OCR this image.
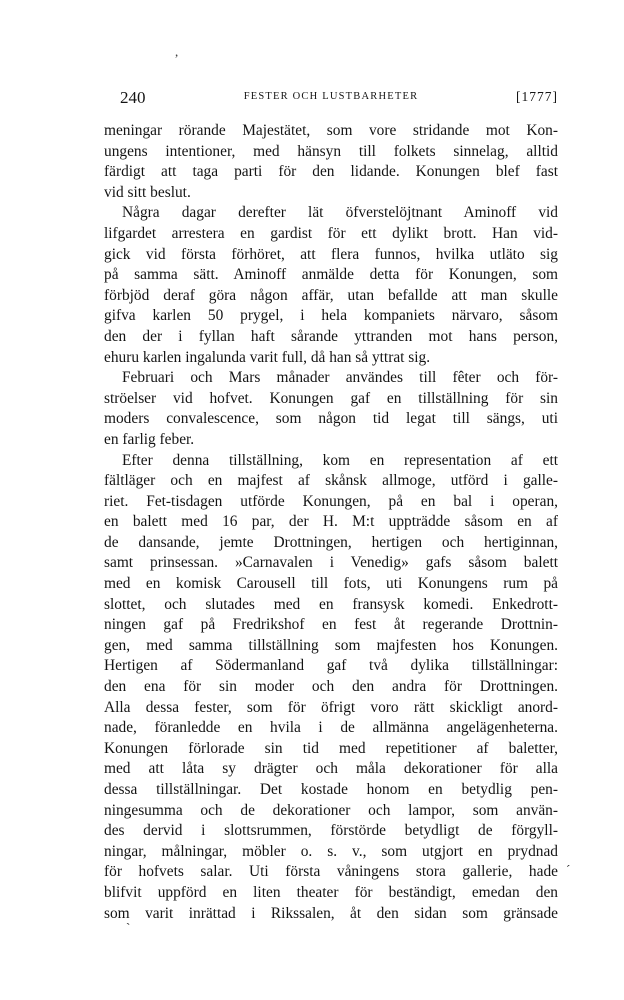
240	FESTER OCH LUSTBARHETER	[1777]
meningar rörande Majestätet, som vore stridande mot Kon-
ungens intentioner, med hänsyn till folkets sinnelag, alltid
färdigt att taga parti för den lidande. Konungen blef fast
vid sitt beslut.
Några dagar derefter lät öfverstelöjtnant Aminoff vid
lifgardet arrestera en gardist för ett dylikt brott. Han vid-
gick vid första förhöret, att flera funnos, hvilka utläto sig
på samma sätt. Aminoff anmälde detta för Konungen, som
förbjöd deraf göra någon affär, utan befallde att man skulle
gifva karlen 50 prygel, i hela kompaniets närvaro, såsom
den der i fyllan haft sårande yttranden mot hans person,
ehuru karlen ingalunda varit full, då han så yttrat sig.
Februari och Mars månader användes till fêter och för-
ströelser vid hofvet. Konungen gaf en tillställning för sin
moders convalescence, som någon tid legat till sängs, uti
en farlig feber.
Efter denna tillställning, kom en representation af ett
fältläger och en majfest af skånsk allmoge, utförd i galle-
riet. Fet-tisdagen utförde Konungen, på en bal i operan,
en balett med 16 par, der H. M:t uppträdde såsom en af
de dansande, jemte Drottningen, hertigen och hertiginnan,
samt prinsessan. »Carnavalen i Venedig» gafs såsom balett
med en komisk Carousell till fots, uti Konungens rum på
slottet, och slutades med en fransysk komedi. Enkedrott-
ningen gaf på Fredrikshof en fest åt regerande Drottnin-
gen, med samma tillställning som majfesten hos Konungen.
Hertigen af Södermanland gaf två dylika tillställningar:
den ena för sin moder och den andra för Drottningen.
Alla dessa fester, som för öfrigt voro rätt skickligt anord-
nade, föranledde en hvila i de allmänna angelägenheterna.
Konungen förlorade sin tid med repetitioner af baletter,
med att låta sy drägter och måla dekorationer för alla
dessa tillställningar. Det kostade honom en betydlig pen-
ningesumma och de dekorationer och lampor, som använ-
des dervid i slottsrummen, förstörde betydligt de förgyll-
ningar, målningar, möbler o. s. v., som utgjort en prydnad
för hofvets salar. Uti första våningens stora gallerie, hade
blifvit uppförd en liten theater för beständigt, emedan den
som varit inrättad i Rikssalen, åt den sidan som gränsade
,
ˊ
ˋ
